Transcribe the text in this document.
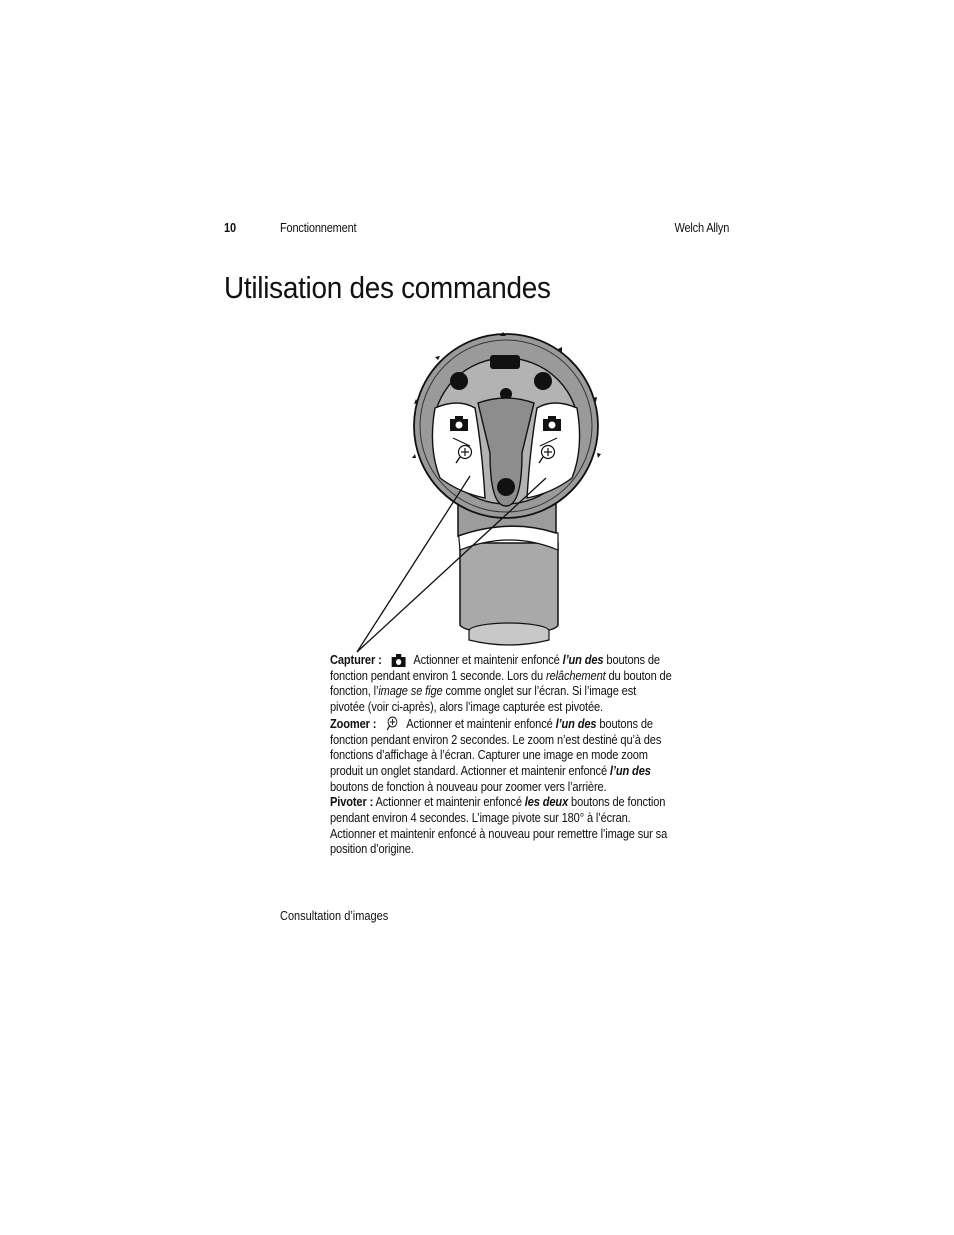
10	Fonctionnement	Welch Allyn
Utilisation des commandes

Capturer :	Actionner et maintenir enfoncé l’un des boutons de fonction pendant environ 1 seconde. Lors du relâchement du bouton de fonction, l’image se fige comme onglet sur l’écran. Si l’image est pivotée (voir ci-après), alors l’image capturée est pivotée.

Zoomer : Actionner et maintenir enfoncé l’un des boutons de fonction pendant environ 2 secondes. Le zoom n’est destiné qu’à des fonctions d’affichage à l’écran. Capturer une image en mode zoom produit un onglet standard. Actionner et maintenir enfoncé l’un des boutons de fonction à nouveau pour zoomer vers l’arrière.

Pivoter : Actionner et maintenir enfoncé les deux boutons de fonction pendant environ 4 secondes. L’image pivote sur 180° à l’écran. Actionner et maintenir enfoncé à nouveau pour remettre l’image sur sa position d’origine.

Consultation d’images
